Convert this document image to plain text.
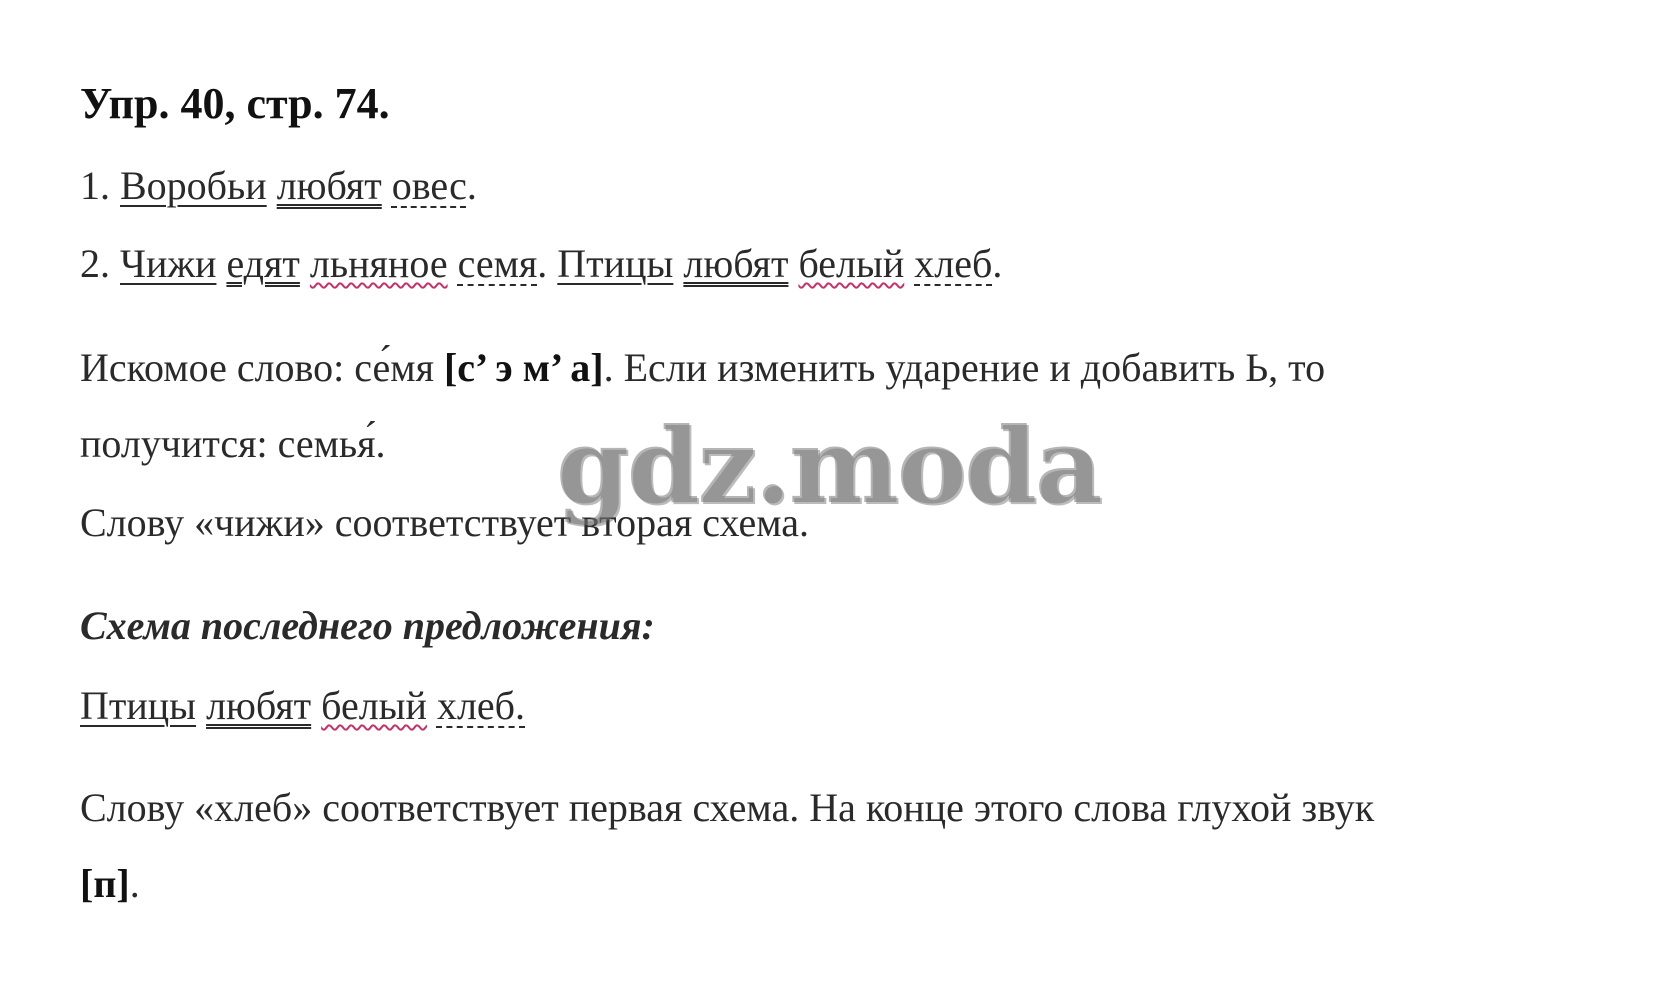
Упр. 40, стр. 74.
1. Воробьи любят овес.
2. Чижи едят льняное семя. Птицы любят белый хлеб.
Искомое слово: се́мя [с’ э м’ а]. Если изменить ударение и добавить Ь, то
получится: семья́.
Слову «чижи» соответствует вторая схема.
Схема последнего предложения:
Птицы любят белый хлеб.
Слову «хлеб» соответствует первая схема. На конце этого слова глухой звук
[п].
gdz.moda
